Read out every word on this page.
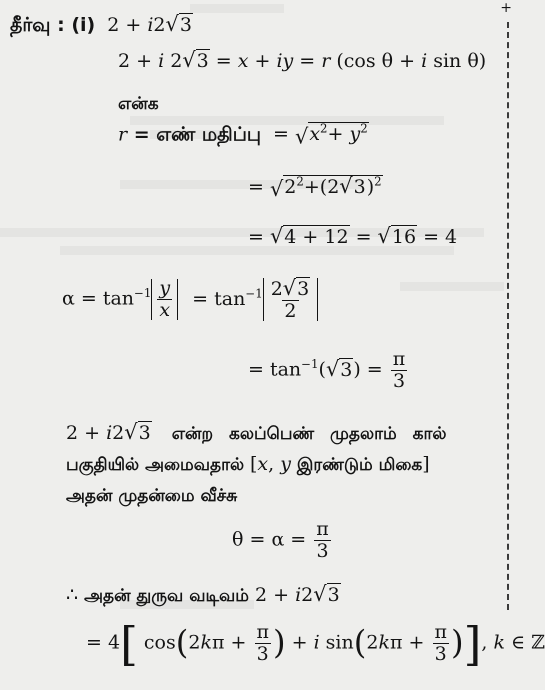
+
தீர்வு : (i) 2 + i2√3
2 + i 2√3 = x + iy = r (cos θ + i sin θ)
என்க
r = எண் மதிப்பு = $√x^2+ y^2$
= $√2^2+(2√3)^2$
= √4 + 12 = √16 = 4
$\alpha = \tan^{-1} \frac{y}{x} = \tan^{-1} \frac{2√3}{2}$
= $\tan^{-1}(√3) = \frac{\pi}{3}$
2 + i2√3 என்ற கலப்பெண் முதலாம் கால்
பகுதியில் அமைவதால் [x, y இரண்டும் மிகை]
அதன் முதன்மை வீச்சு
$\theta = \alpha = \frac{\pi}{3}$
∴ அதன் துருவ வடிவம் 2 + i2√3
= 4[ $\cos(2k\pi + \frac{\pi}{3}$ ) + i $\sin(2k\pi + \frac{\pi}{3}$ )], k ∈ ℤ
